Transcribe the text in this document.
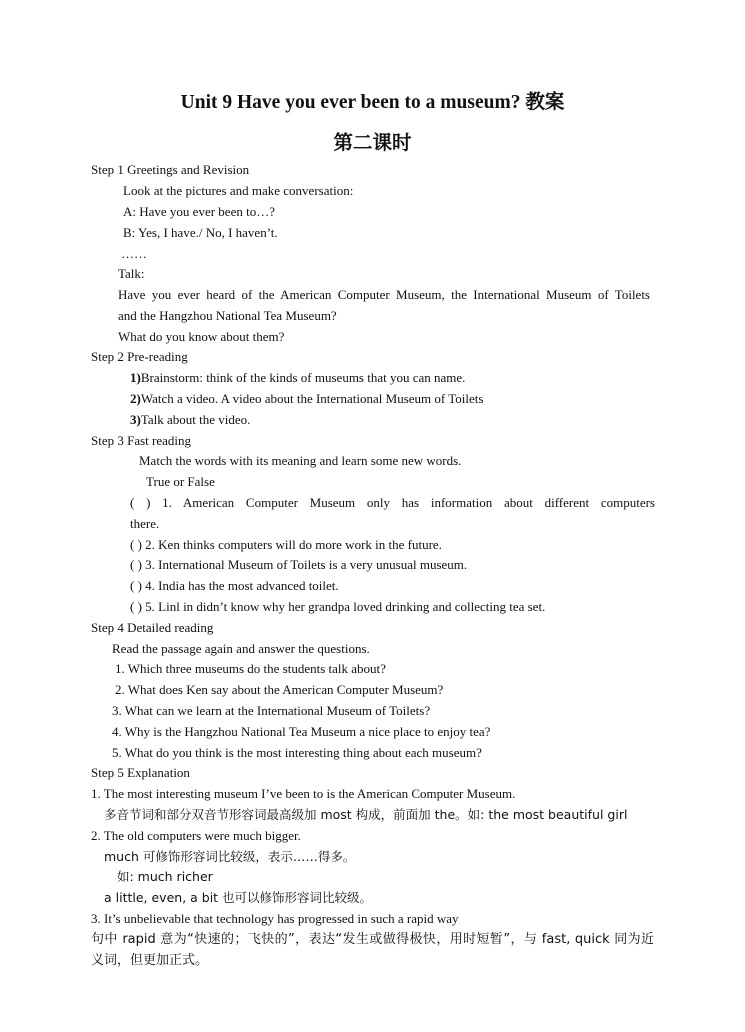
Unit 9 Have you ever been to a museum? 教案
第二课时
Step 1 Greetings and Revision
Look at the pictures and make conversation:
A: Have you ever been to…?
B: Yes, I have./ No, I haven’t.
……
Talk:
Have you ever heard of the American Computer Museum, the International Museum of Toilets
and the Hangzhou National Tea Museum?
What do you know about them?
Step 2 Pre-reading
1)Brainstorm: think of the kinds of museums that you can name.
2)Watch a video. A video about the International Museum of Toilets
3)Talk about the video.
Step 3 Fast reading
Match the words with its meaning and learn some new words.
True or False
( ) 1. American Computer Museum only has information about different computers
there.
( ) 2. Ken thinks computers will do more work in the future.
( ) 3. International Museum of Toilets is a very unusual museum.
( ) 4. India has the most advanced toilet.
( ) 5. Linl in didn’t know why her grandpa loved drinking and collecting tea set.
Step 4 Detailed reading
Read the passage again and answer the questions.
1. Which three museums do the students talk about?
2. What does Ken say about the American Computer Museum?
3. What can we learn at the International Museum of Toilets?
4. Why is the Hangzhou National Tea Museum a nice place to enjoy tea?
5. What do you think is the most interesting thing about each museum?
Step 5 Explanation
1. The most interesting museum I’ve been to is the American Computer Museum.
多音节词和部分双音节形容词最高级加 most 构成，前面加 the。如: the most beautiful girl
2. The old computers were much bigger.
much 可修饰形容词比较级，表示……得多。
如: much richer
a little, even, a bit 也可以修饰形容词比较级。
3. It’s unbelievable that technology has progressed in such a rapid way
句中 rapid 意为“快速的；飞快的”，表达“发生或做得极快，用时短暂”，与 fast, quick 同为近
义词，但更加正式。
